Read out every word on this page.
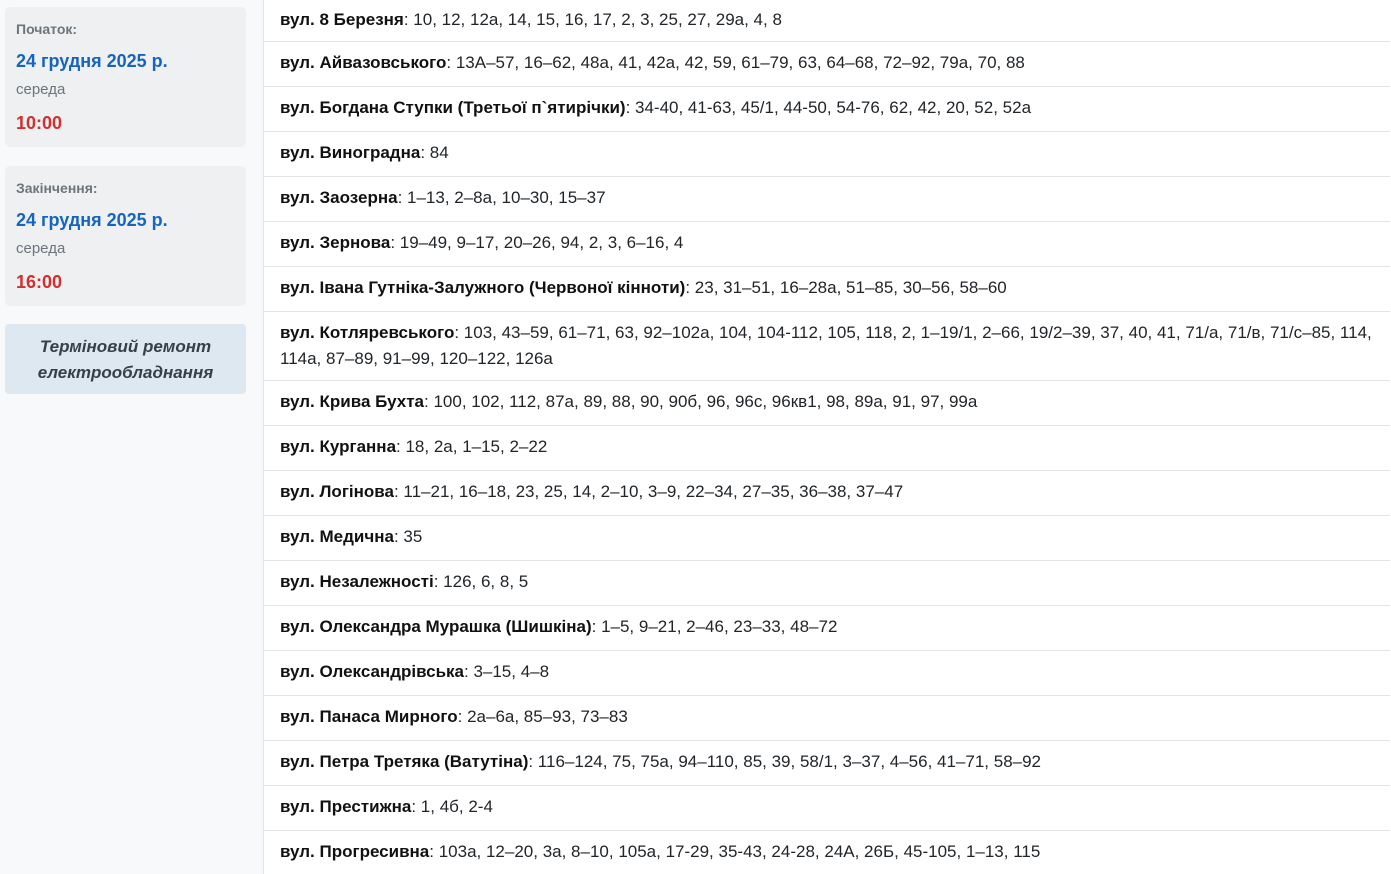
Початок:
24 грудня 2025 р.
середа
10:00
Закінчення:
24 грудня 2025 р.
середа
16:00
Терміновий ремонт електрообладнання
вул. 8 Березня: 10, 12, 12а, 14, 15, 16, 17, 2, 3, 25, 27, 29а, 4, 8
вул. Айвазовського: 13А–57, 16–62, 48а, 41, 42а, 42, 59, 61–79, 63, 64–68, 72–92, 79а, 70, 88
вул. Богдана Ступки (Третьої п`ятирічки): 34-40, 41-63, 45/1, 44-50, 54-76, 62, 42, 20, 52, 52а
вул. Виноградна: 84
вул. Заозерна: 1–13, 2–8а, 10–30, 15–37
вул. Зернова: 19–49, 9–17, 20–26, 94, 2, 3, 6–16, 4
вул. Івана Гутніка-Залужного (Червоної кінноти): 23, 31–51, 16–28а, 51–85, 30–56, 58–60
вул. Котляревського: 103, 43–59, 61–71, 63, 92–102а, 104, 104-112, 105, 118, 2, 1–19/1, 2–66, 19/2–39, 37, 40, 41, 71/а, 71/в, 71/с–85, 114, 114а, 87–89, 91–99, 120–122, 126а
вул. Крива Бухта: 100, 102, 112, 87а, 89, 88, 90, 90б, 96, 96с, 96кв1, 98, 89а, 91, 97, 99а
вул. Курганна: 18, 2а, 1–15, 2–22
вул. Логінова: 11–21, 16–18, 23, 25, 14, 2–10, 3–9, 22–34, 27–35, 36–38, 37–47
вул. Медична: 35
вул. Незалежності: 126, 6, 8, 5
вул. Олександра Мурашка (Шишкіна): 1–5, 9–21, 2–46, 23–33, 48–72
вул. Олександрівська: 3–15, 4–8
вул. Панаса Мирного: 2а–6а, 85–93, 73–83
вул. Петра Третяка (Ватутіна): 116–124, 75, 75а, 94–110, 85, 39, 58/1, 3–37, 4–56, 41–71, 58–92
вул. Престижна: 1, 4б, 2-4
вул. Прогресивна: 103а, 12–20, 3а, 8–10, 105а, 17-29, 35-43, 24-28, 24А, 26Б, 45-105, 1–13, 115
